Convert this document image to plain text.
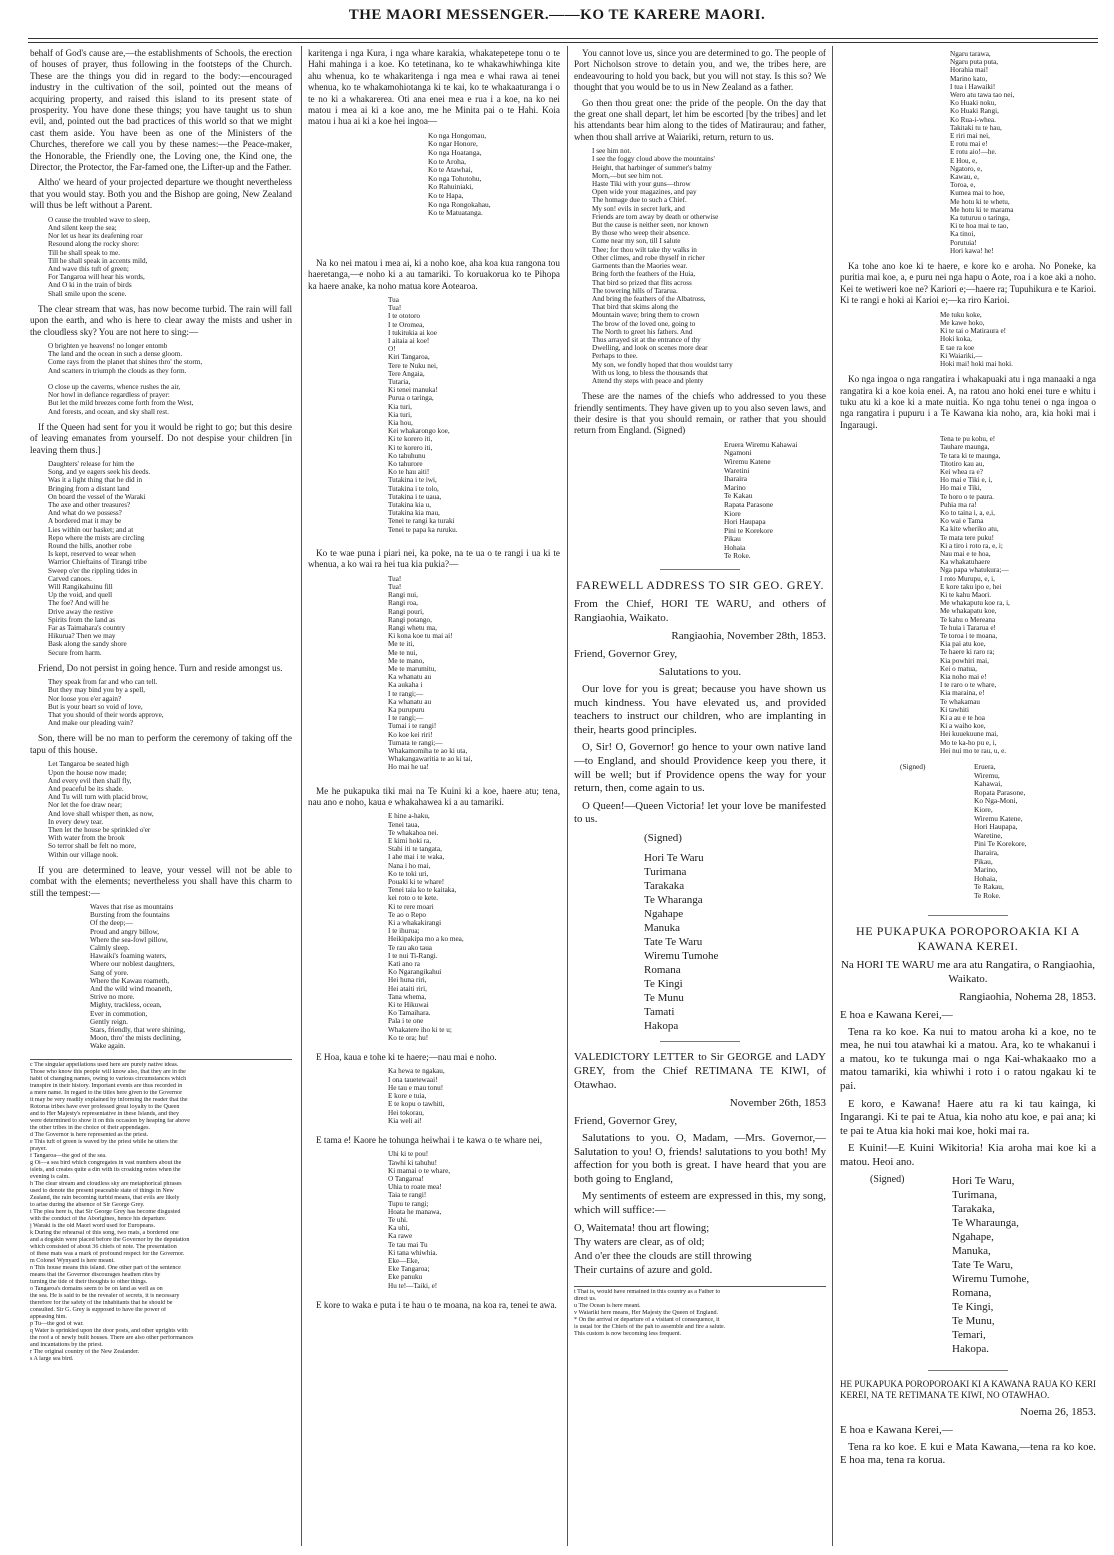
THE MAORI MESSENGER.——KO TE KARERE MAORI.

behalf of God's cause are,—the establishments of Schools, the erection of houses of prayer, thus following in the footsteps of the Church. These are the things you did in regard to the body:—encouraged industry in the cultivation of the soil, pointed out the means of acquiring property, and raised this island to its present state of prosperity. You have done these things; you have taught us to shun evil, and, pointed out the bad practices of this world so that we might cast them aside. You have been as one of the Ministers of the Churches, therefore we call you by these names:—the Peace-maker, the Honorable, the Friendly one, the Loving one, the Kind one, the Director, the Protector, the Far-famed one, the Lifter-up and the Father.

Altho' we heard of your projected departure we thought nevertheless that you would stay. Both you and the Bishop are going, New Zealand will thus be left without a Parent.

O cause the troubled wave to sleep,
And silent keep the sea;
Nor let us hear its deafening roar
Resound along the rocky shore:
Till he shall speak to me.
Till he shall speak in accents mild,
And wave this tuft of green;
For Tangaroa will hear his words,
And O ki in the train of birds
Shall smile upon the scene.

The clear stream that was, has now become turbid. The rain will fall upon the earth, and who is here to clear away the mists and usher in the cloudless sky? You are not here to sing:—

O brighten ye heavens! no longer entomb
The land and the ocean in such a dense gloom.
Come rays from the planet that shines thro' the storm,
And scatters in triumph the clouds as they form.

O close up the caverns, whence rushes the air,
Nor howl in defiance regardless of prayer:
But let the mild breezes come forth from the West,
And forests, and ocean, and sky shall rest.

If the Queen had sent for you it would be right to go; but this desire of leaving emanates from yourself. Do not despise your children [in leaving them thus.]

Daughters' release for him the
Song, and ye eagers seek his deeds.
Was it a light thing that he did in
Bringing from a distant land
On board the vessel of the Waraki
The axe and other treasures?
And what do we possess?
A bordered mat it may be
Lies within our basket; and at
Repo where the mists are circling
Round the hills, another robe
Is kept, reserved to wear when
Warrior Chieftains of Tirangi tribe
Sweep o'er the rippling tides in
Carved canoes.
Will Rangikahuinu fill
Up the void, and quell
The foe? And will he
Drive away the restive
Spirits from the land as
Far as Taimahara's country
Hikurua? Then we may
Bask along the sandy shore
Secure from harm.

Friend, Do not persist in going hence. Turn and reside amongst us.

They speak from far and who can tell.
But they may bind you by a spell,
Nor loose you e'er again?
But is your heart so void of love,
That you should of their words approve,
And make our pleading vain?

Son, there will be no man to perform the ceremony of taking off the tapu of this house.

Let Tangaroa be seated high
Upon the house now made;
And every evil then shall fly,
And peaceful be its shade.
And Tu will turn with placid brow,
Nor let the foe draw near;
And love shall whisper then, as now,
In every dewy tear.
Then let the house be sprinkled o'er
With water from the brook
So terror shall be felt no more,
Within our village nook.

If you are determined to leave, your vessel will not be able to combat with the elements; nevertheless you shall have this charm to still the tempest:—

Waves that rise as mountains
Bursting from the fountains
Of the deep;—
Proud and angry billow,
Where the sea-fowl pillow,
Calmly sleep.
Hawaiki's foaming waters,
Where our noblest daughters,
Sang of yore.
Where the Kawau roameth,
And the wild wind moaneth,
Strive no more.
Mighty, trackless, ocean,
Ever in commotion,
Gently reign.
Stars, friendly, that were shining,
Moon, thro' the mists declining,
Wake again.
c The singular appellations used here are purely native ideas.
Those who know this people will know also, that they are in the
habit of changing names, owing to various circumstances which
transpire in their history. Important events are thus recorded in
a mere name. In regard to the titles here given to the Governor
it may be very readily explained by informing the reader that the
Rotorua tribes have ever professed great loyalty to the Queen
and to Her Majesty's representative in these Islands, and they
were determined to show it on this occasion by heaping far above
the other tribes in the choice of their appendages.
d The Governor is here represented as the priest.
e This tuft of green is waved by the priest while he utters the
prayer.
f Tangaroa—the god of the sea.
g Oi—a sea bird which congregates in vast numbers about the
islets, and creates quite a din with its croaking notes when the
evening is calm.
h The clear stream and cloudless sky are metaphorical phrases
used to denote the present peaceable state of things in New
Zealand, the rain becoming turbid means, that evils are likely
to arise during the absence of Sir George Grey.
i The plea here is, that Sir George Grey has become disgusted
with the conduct of the Aborigines, hence his departure.
j Waraki is the old Maori word used for Europeans.
k During the rehearsal of this song, two mats, a bordered one
and a dogskin were placed before the Governor by the deputation
which consisted of about 36 chiefs of note. The presentation
of these mats was a mark of profound respect for the Governor.
m Colonel Wynyard is here meant.
n This house means this island. One other part of the sentence
means that the Governor discourages heathen rites by
turning the tide of their thoughts to other things.
o Tangaroa's domains seem to be on land as well as on
the sea. He is said to be the revealer of secrets, it is necessary
therefore for the safety of the inhabitants that he should be
consulted. Sir G. Grey is supposed to have the power of
appeasing him.
p Tu—the god of war.
q Water is sprinkled upon the door posts, and other uprights with
the roof a of newly built houses. There are also other performances
and incantations by the priest.
r The original country of the New Zealander.
s A large sea bird.

karitenga i nga Kura, i nga whare karakia, whakatepetepe tonu o te Hahi mahinga i a koe. Ko tetetinana, ko te whakawhiwhinga kite ahu whenua, ko te whakaritenga i nga mea e whai rawa ai tenei whenua, ko te whakamohiotanga ki te kai, ko te whakaaturanga i o te no ki a whakarerea. Oti ana enei mea e rua i a koe, na ko nei matou i mea ai ki a koe ano, me he Minita pai o te Hahi. Koia matou i hua ai ki a koe hei ingoa—

Ko nga Hongomau,
Ko ngar Honore,
Ko nga Hoatanga,
Ko te Aroha,
Ko te Atawhai,
Ko nga Tohutohu,
Ko Rahuiniaki,
Ko te Hapa,
Ko nga Rongokahau,
Ko te Matuatanga.

Na ko nei matou i mea ai, ki a noho koe, aha koa kua rangona tou haeretanga,—e noho ki a au tamariki. To koruakorua ko te Pihopa ka haere anake, ka noho matua kore Aotearoa.

Tua
Tua!
I te ototoro
I te Oromea,
I tukitukia ai koe
I aitaia ai koe!
O!
Kiri Tangaroa,
Tere te Nuku nei,
Tere Angaia,
Tutaria,
Ki tenei manuka!
Purua o taringa,
Kia turi,
Kia turi,
Kia hou,
Kei whakarongo koe,
Ki te korero iti,
Ki te korero iti,
Ko tahuhunu
Ko tahurore
Ko te hau aiti!
Tutakina i te iwi,
Tutakina i te tolo,
Tutakina i te uaua,
Tutakina kia u,
Tutakina kia mau,
Tenei te rangi ka turaki
Tenei te papa ka ruruku.

Ko te wae puna i piari nei, ka poke, na te ua o te rangi i ua ki te whenua, a ko wai ra hei tua kia pukia?—

Tua!
Tua!
Rangi nui,
Rangi roa,
Rangi pouri,
Rangi potango,
Rangi whetu ma,
Ki kona koe tu mai ai!
Me te iti,
Me te nui,
Me te mano,
Me te marumitu,
Ka whanatu au
Ka aukaha i
I te rangi;—
Ka whanatu au
Ka purupuru
I te rangi;—
Tumai i te rangi!
Ko koe kei riri!
Tumata te rangi;—
Whakamomiha te ao ki uta,
Whakangawaritia te ao ki tai,
Ho mai he ua!

Me he pukapuka tiki mai na Te Kuini ki a koe, haere atu; tena, nau ano e noho, kaua e whakahawea ki a au tamariki.

E hine a-haku,
Tenei taua,
Te whakahoa nei.
E kimi hoki ra,
Stahi iti te tangata,
I ahe mai i te waka,
Nana i ho mai,
Ko te toki uri,
Pouaki ki te whare!
Tenei taia ko te kaitaka,
kei roto o te kete.
Ki te rere moari
Te ao o Repo
Ki a whakakirangi
I te ihurua;
Heikipakipa mo a ko mea,
Te rau ako taua
I te nui Ti-Rangi.
Kati ano ra
Ko Ngarangikahui
Hei huna riri,
Hei ataiti riri,
Tana whema,
Ki te Hikuwai
Ko Tamaihara.
Pala i te one
Whakatere iho ki te u;
Ko te ora; hu!

E Hoa, kaua e tohe ki te haere;—nau mai e noho.

Ka hewa te ngakau,
I ona tauetewaai!
He tau e mau tonu!
E kore e tuia,
E te kopu o tawhiti,
Hei tokorau,
Kia weli ai!

E tama e! Kaore he tohunga heiwhai i te kawa o te whare nei,

Uhi ki te pou!
Tawhi ki tahuhu!
Ki mamai o te whare,
O Tangaroa!
Uhia to roate mea!
Taia te rangi!
Tupu te rangi;
Hoata he manawa,
Te uhi.
Ka uhi,
Ka rawe
Te tau mai Tu
Ki tana whiwhia.
Eke—Eke,
Eke Tangaroa;
Eke panuku
Hu te!—Taiki, e!

E kore to waka e puta i te hau o te moana, na koa ra, tenei te awa.

You cannot love us, since you are determined to go. The people of Port Nicholson strove to detain you, and we, the tribes here, are endeavouring to hold you back, but you will not stay. Is this so? We thought that you would be to us in New Zealand as a father.

Go then thou great one: the pride of the people. On the day that the great one shall depart, let him be escorted [by the tribes] and let his attendants bear him along to the tides of Matiraurau; and father, when thou shall arrive at Waiariki, return, return to us.

I see him not.
I see the foggy cloud above the mountains'
Height, that harbinger of summer's balmy
Morn,—but see him not.
Haste Tiki with your guns—throw
Open wide your magazines, and pay
The homage due to such a Chief.
My son! evils in secret lurk, and
Friends are torn away by death or otherwise
But the cause is neither seen, nor known
By those who weep their absence.
Come near my son, till I salute
Thee; for thou wilt take thy walks in
Other climes, and robe thyself in richer
Garments than the Maories wear.
Bring forth the feathers of the Huia,
That bird so prized that flits across
The towering hills of Tararua.
And bring the feathers of the Albatross,
That bird that skims along the
Mountain wave; bring them to crown
The brow of the loved one, going to
The North to greet his fathers. And
Thus arrayed sit at the entrance of thy
Dwelling, and look on scenes more dear
Perhaps to thee.
My son, we fondly hoped that thou wouldst tarry
With us long, to bless the thousands that
Attend thy steps with peace and plenty

These are the names of the chiefs who addressed to you these friendly sentiments. They have given up to you also seven laws, and their desire is that you should remain, or rather that you should return from England. (Signed)

Eruera Wiremu Kahawai
Ngamoni
Wiremu Katene
Waretini
Iharaira
Marino
Te Kakau
Rapata Parasone
Kiore
Hori Haupapa
Pini te Korekore
Pikau
Hohaia
Te Roke.
FAREWELL ADDRESS TO SIR GEO. GREY.
From the Chief, HORI TE WARU, and others of Rangiaohia, Waikato.
Rangiaohia, November 28th, 1853.
Friend, Governor Grey,
Salutations to you.

Our love for you is great; because you have shown us much kindness. You have elevated us, and provided teachers to instruct our children, who are implanting in their, hearts good principles.

O, Sir! O, Governor! go hence to your own native land—to England, and should Providence keep you there, it will be well; but if Providence opens the way for your return, then, come again to us.

O Queen!—Queen Victoria! let your love be manifested to us.

(Signed)
Hori Te Waru
Turimana
Tarakaka
Te Wharanga
Ngahape
Manuka
Tate Te Waru
Wiremu Tumohe
Romana
Te Kingi
Te Munu
Tamati
Hakopa
VALEDICTORY LETTER to Sir GEORGE and LADY GREY, from the Chief RETIMANA TE KIWI, of Otawhao.
November 26th, 1853
Friend, Governor Grey,

Salutations to you. O, Madam, —Mrs. Governor,—Salutation to you! O, friends! salutations to you both! My affection for you both is great. I have heard that you are both going to England,

My sentiments of esteem are expressed in this, my song, which will suffice:—

O, Waitemata! thou art flowing;
Thy waters are clear, as of old;
And o'er thee the clouds are still throwing
Their curtains of azure and gold.
t That is, would have remained in this country as a Father to
direct us.
u The Ocean is here meant.
v Waiariki here means, Her Majesty the Queen of England.
* On the arrival or departure of a visitant of consequence, it
is usual for the Chiefs of the pah to assemble and fire a salute.
This custom is now becoming less frequent.
Ngaru tarawa,
Ngaru puta puta,
Horahia mai!
Marino kato,
I tua i Hawaiki!
Wero atu tawa tao nei,
Ko Huaki noku,
Ko Huaki Rangi,
Ko Rua-i-whea.
Takitaki tu te hau,
E riri mai nei,
E rotu mai e!
E rotu aio!—he.
E Hou, e,
Ngatoro, e,
Kawau, e,
Toroa, e,
Kumea mai to hoe,
Me hotu ki te whetu,
Me hotu ki te marama
Ka tuturuu o taringa,
Ki te hoa mai te tao,
Ka tinoi,
Porutuia!
Hori kawa! he!

Ka tohe ano koe ki te haere, e kore ko e aroha. No Poneke, ka puritia mai koe, a, e puru nei nga hapu o Aote, roa i a koe aki a noho. Kei te wetiweri koe ne? Kariori e;—haere ra; Tupuhikura e te Karioi. Ki te rangi e hoki ai Karioi e;—ka riro Karioi.

Me tuku koke,
Me kawe hoko,
Ki te tai o Matiraura e!
Hoki koka,
E tae ra koe
Ki Waiariki,—
Hoki mai! hoki mai hoki.

Ko nga ingoa o nga rangatira i whakapuaki atu i nga manaaki a nga rangatira ki a koe koia enei. A, na ratou ano hoki enei ture e whitu i tuku atu ki a koe ki a mate nuitia. Ko nga tohu tenei o nga ingoa o nga rangatira i pupuru i a Te Kawana kia noho, ara, kia hoki mai i Ingaraugi.

Tena te pu kohu, e!
Tauhare maunga,
Te tara ki te maunga,
Titotiro kau au,
Kei whea ra e?
Ho mai e Tiki e, i,
Ho mai e Tiki,
Te horo o te paura.
Puhia ma ra!
Ko to taina i, a, e,i,
Ko wai e Tama
Ka kite wheriko atu,
Te mata tere puku!
Ki a tiro i roto ra, e, i;
Nau mai e te hoa,
Ka whakatuhaere
Nga papa whatukura;—
I roto Murupu, e, i,
E kore taku ipo e, hei
Ki te kahu Maori.
Me whakaputu koe ra, i,
Me whakapatu koe,
Te kahu o Mereana
Te huia i Tararua e!
Te toroa i te moana,
Kia pai atu koe,
Te haere ki raro ra;
Kia powhiri mai,
Kei o matua,
Kia noho mai e!
I te raro o te whare,
Kia maraina, e!
Te whakamau
Ki tawhiti
Ki a au e te hoa
Ki a waiho koe,
Hei kuuekuune mai,
Mo te ka-ho pu e, i,
Hei nui mo te rau, u, e.
(Signed)	Eruera,
Wiremu,
Kahawai,
Ropata Parasone,
Ko Nga-Moni,
Kiore,
Wiremu Katene,
Hori Haupapa,
Waretine,
Pini Te Korekore,
Iharaira,
Pikau,
Marino,
Hohaia,
Te Rakau,
Te Roke.
HE PUKAPUKA POROPOROAKIA KI A KAWANA KEREI.
Na HORI TE WARU me ara atu Rangatira, o Rangiaohia, Waikato.
Rangiaohia, Nohema 28, 1853.
E hoa e Kawana Kerei,—

Tena ra ko koe. Ka nui to matou aroha ki a koe, no te mea, he nui tou atawhai ki a matou. Ara, ko te whakanui i a matou, ko te tukunga mai o nga Kai-whakaako mo a matou tamariki, kia whiwhi i roto i o ratou ngakau ki te pai.

E koro, e Kawana! Haere atu ra ki tau kainga, ki Ingarangi. Ki te pai te Atua, kia noho atu koe, e pai ana; ki te pai te Atua kia hoki mai koe, hoki mai ra.

E Kuini!—E Kuini Wikitoria! Kia aroha mai koe ki a matou. Heoi ano.

(Signed)	Hori Te Waru,
Turimana,
Tarakaka,
Te Wharaunga,
Ngahape,
Manuka,
Tate Te Waru,
Wiremu Tumohe,
Romana,
Te Kingi,
Te Munu,
Temari,
Hakopa.
HE PUKAPUKA POROPOROAKI KI A KAWANA RAUA KO KERI KEREI, NA TE RETIMANA TE KIWI, NO OTAWHAO.
Noema 26, 1853.
E hoa e Kawana Kerei,—

Tena ra ko koe. E kui e Mata Kawana,—tena ra ko koe. E hoa ma, tena ra korua.
